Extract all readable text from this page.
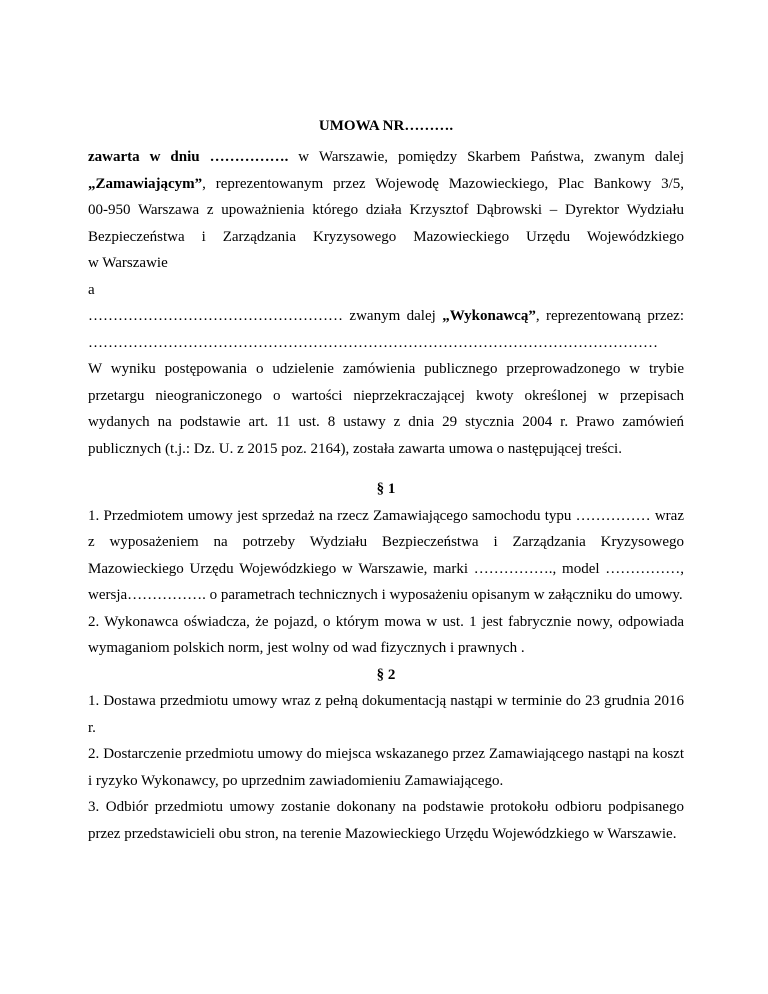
UMOWA NR……….
zawarta w dniu ……………. w Warszawie, pomiędzy Skarbem Państwa, zwanym dalej
„Zamawiającym”, reprezentowanym przez Wojewodę Mazowieckiego, Plac Bankowy 3/5,
00-950 Warszawa z upoważnienia którego działa Krzysztof Dąbrowski – Dyrektor Wydziału
Bezpieczeństwa i Zarządzania Kryzysowego Mazowieckiego Urzędu Wojewódzkiego
w Warszawie
a
…………………………………………… zwanym dalej „Wykonawcą”, reprezentowaną przez:
……………………………………………………………………………………………………
W wyniku postępowania o udzielenie zamówienia publicznego przeprowadzonego w trybie przetargu nieograniczonego o wartości nieprzekraczającej kwoty określonej w przepisach wydanych na podstawie art. 11 ust. 8 ustawy z dnia 29 stycznia 2004 r. Prawo zamówień publicznych (t.j.: Dz. U. z 2015 poz. 2164), została zawarta umowa o następującej treści.
§ 1
1. Przedmiotem umowy jest sprzedaż na rzecz Zamawiającego samochodu typu …………… wraz z wyposażeniem na potrzeby Wydziału Bezpieczeństwa i Zarządzania Kryzysowego Mazowieckiego Urzędu Wojewódzkiego w Warszawie, marki ……………., model ……………, wersja……………. o parametrach technicznych i wyposażeniu opisanym w załączniku do umowy.
2. Wykonawca oświadcza, że pojazd, o którym mowa w ust. 1 jest fabrycznie nowy, odpowiada wymaganiom polskich norm, jest wolny od wad fizycznych i prawnych .
§ 2
1. Dostawa przedmiotu umowy wraz z pełną dokumentacją nastąpi w terminie do 23 grudnia 2016 r.
2. Dostarczenie przedmiotu umowy do miejsca wskazanego przez Zamawiającego nastąpi na koszt i ryzyko Wykonawcy, po uprzednim zawiadomieniu Zamawiającego.
3. Odbiór przedmiotu umowy zostanie dokonany na podstawie protokołu odbioru podpisanego przez przedstawicieli obu stron, na terenie Mazowieckiego Urzędu Wojewódzkiego w Warszawie.
